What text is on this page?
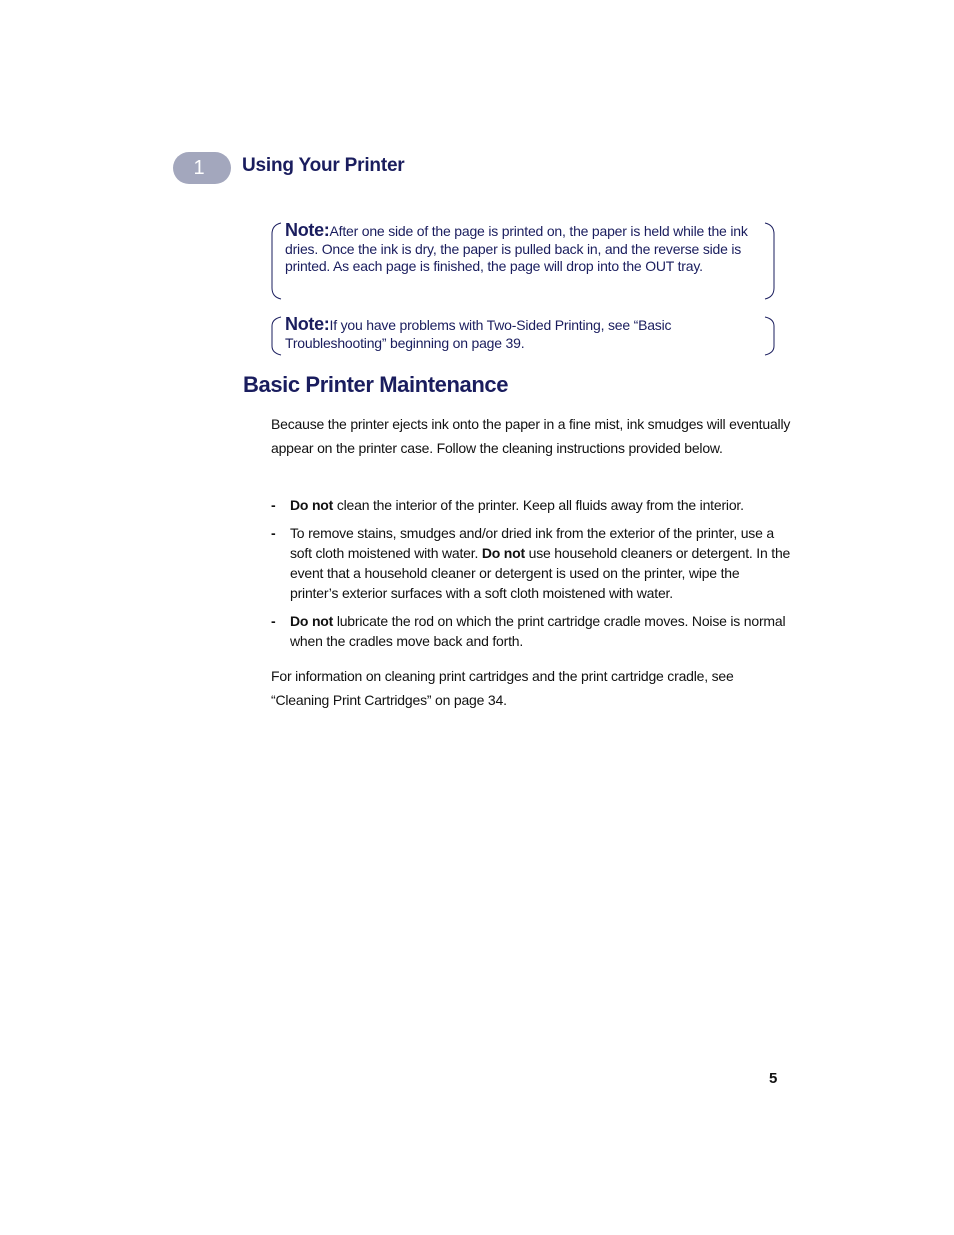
1	Using Your Printer
Note:After one side of the page is printed on, the paper is held while the ink dries. Once the ink is dry, the paper is pulled back in, and the reverse side is printed. As each page is finished, the page will drop into the OUT tray.
Note:If you have problems with Two-Sided Printing, see “Basic Troubleshooting” beginning on page 39.
Basic Printer Maintenance
Because the printer ejects ink onto the paper in a fine mist, ink smudges will eventually appear on the printer case. Follow the cleaning instructions provided below.
- Do not clean the interior of the printer. Keep all fluids away from the interior.
- To remove stains, smudges and/or dried ink from the exterior of the printer, use a soft cloth moistened with water. Do not use household cleaners or detergent. In the event that a household cleaner or detergent is used on the printer, wipe the printer’s exterior surfaces with a soft cloth moistened with water.
- Do not lubricate the rod on which the print cartridge cradle moves. Noise is normal when the cradles move back and forth.
For information on cleaning print cartridges and the print cartridge cradle, see “Cleaning Print Cartridges” on page 34.
5
